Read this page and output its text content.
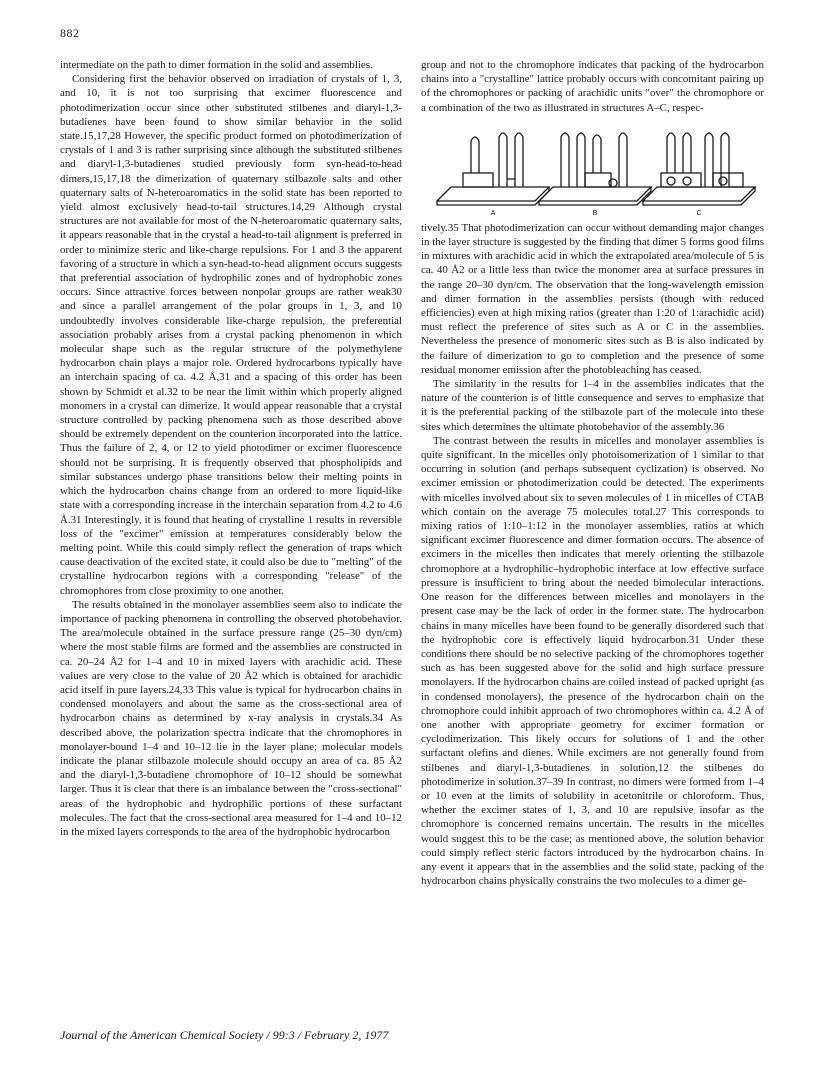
882

intermediate on the path to dimer formation in the solid and assemblies.

Considering first the behavior observed on irradiation of crystals of 1, 3, and 10, it is not too surprising that excimer fluorescence and photodimerization occur since other substituted stilbenes and diaryl-1,3-butadienes have been found to show similar behavior in the solid state.15,17,28 However, the specific product formed on photodimerization of crystals of 1 and 3 is rather surprising since although the substituted stilbenes and diaryl-1,3-butadienes studied previously form syn-head-to-head dimers,15,17,18 the dimerization of quaternary stilbazole salts and other quaternary salts of N-heteroaromatics in the solid state has been reported to yield almost exclusively head-to-tail structures.14,29 Although crystal structures are not available for most of the N-heteroaromatic quaternary salts, it appears reasonable that in the crystal a head-to-tail alignment is preferred in order to minimize steric and like-charge repulsions. For 1 and 3 the apparent favoring of a structure in which a syn-head-to-head alignment occurs suggests that preferential association of hydrophilic zones and of hydrophobic zones occurs. Since attractive forces between nonpolar groups are rather weak30 and since a parallel arrangement of the polar groups in 1, 3, and 10 undoubtedly involves considerable like-charge repulsion, the preferential association probably arises from a crystal packing phenomenon in which molecular shape such as the regular structure of the polymethylene hydrocarbon chain plays a major role. Ordered hydrocarbons typically have an interchain spacing of ca. 4.2 Å,31 and a spacing of this order has been shown by Schmidt et al.32 to be near the limit within which properly aligned monomers in a crystal can dimerize. It would appear reasonable that a crystal structure controlled by packing phenomena such as those described above should be extremely dependent on the counterion incorporated into the lattice. Thus the failure of 2, 4, or 12 to yield photodimer or excimer fluorescence should not be surprising. It is frequently observed that phospholipids and similar substances undergo phase transitions below their melting points in which the hydrocarbon chains change from an ordered to more liquid-like state with a corresponding increase in the interchain separation from 4.2 to 4.6 Å.31 Interestingly, it is found that heating of crystalline 1 results in reversible loss of the "excimer" emission at temperatures considerably below the melting point. While this could simply reflect the generation of traps which cause deactivation of the excited state, it could also be due to "melting" of the crystalline hydrocarbon regions with a corresponding "release" of the chromophores from close proximity to one another.

The results obtained in the monolayer assemblies seem also to indicate the importance of packing phenomena in controlling the observed photobehavior. The area/molecule obtained in the surface pressure range (25–30 dyn/cm) where the most stable films are formed and the assemblies are constructed in ca. 20–24 Å2 for 1–4 and 10 in mixed layers with arachidic acid. These values are very close to the value of 20 Å2 which is obtained for arachidic acid itself in pure layers.24,33 This value is typical for hydrocarbon chains in condensed monolayers and about the same as the cross-sectional area of hydrocarbon chains as determined by x-ray analysis in crystals.34 As described above, the polarization spectra indicate that the chromophores in monolayer-bound 1–4 and 10–12 lie in the layer plane; molecular models indicate the planar stilbazole molecule should occupy an area of ca. 85 Å2 and the diaryl-1,3-butadiene chromophore of 10–12 should be somewhat larger. Thus it is clear that there is an imbalance between the "cross-sectional" areas of the hydrophobic and hydrophilic portions of these surfactant molecules. The fact that the cross-sectional area measured for 1–4 and 10–12 in the mixed layers corresponds to the area of the hydrophobic hydrocarbon

group and not to the chromophore indicates that packing of the hydrocarbon chains into a "crystalline" lattice probably occurs with concomitant pairing up of the chromophores or packing of arachidic units "over" the chromophore or a combination of the two as illustrated in structures A–C, respec-

A	B	C

tively.35 That photodimerization can occur without demanding major changes in the layer structure is suggested by the finding that dimer 5 forms good films in mixtures with arachidic acid in which the extrapolated area/molecule of 5 is ca. 40 Å2 or a little less than twice the monomer area at surface pressures in the range 20–30 dyn/cm. The observation that the long-wavelength emission and dimer formation in the assemblies persists (though with reduced efficiencies) even at high mixing ratios (greater than 1:20 of 1:arachidic acid) must reflect the preference of sites such as A or C in the assemblies. Nevertheless the presence of monomeric sites such as B is also indicated by the failure of dimerization to go to completion and the presence of some residual monomer emission after the photobleaching has ceased.

The similarity in the results for 1–4 in the assemblies indicates that the nature of the counterion is of little consequence and serves to emphasize that it is the preferential packing of the stilbazole part of the molecule into these sites which determines the ultimate photobehavior of the assembly.36

The contrast between the results in micelles and monolayer assemblies is quite significant. In the micelles only photoisomerization of 1 similar to that occurring in solution (and perhaps subsequent cyclization) is observed. No excimer emission or photodimerization could be detected. The experiments with micelles involved about six to seven molecules of 1 in micelles of CTAB which contain on the average 75 molecules total.27 This corresponds to mixing ratios of 1:10–1:12 in the monolayer assemblies, ratios at which significant excimer fluorescence and dimer formation occurs. The absence of excimers in the micelles then indicates that merely orienting the stilbazole chromophore at a hydrophilic–hydrophobic interface at low effective surface pressure is insufficient to bring about the needed bimolecular interactions. One reason for the differences between micelles and monolayers in the present case may be the lack of order in the former state. The hydrocarbon chains in many micelles have been found to be generally disordered such that the hydrophobic core is effectively liquid hydrocarbon.31 Under these conditions there should be no selective packing of the chromophores together such as has been suggested above for the solid and high surface pressure monolayers. If the hydrocarbon chains are coiled instead of packed upright (as in condensed monolayers), the presence of the hydrocarbon chain on the chromophore could inhibit approach of two chromophores within ca. 4.2 Å of one another with appropriate geometry for excimer formation or cyclodimerization. This likely occurs for solutions of 1 and the other surfactant olefins and dienes. While excimers are not generally found from stilbenes and diaryl-1,3-butadienes in solution,12 the stilbenes do photodimerize in solution.37–39 In contrast, no dimers were formed from 1–4 or 10 even at the limits of solubility in acetonitrile or chloroform. Thus, whether the excimer states of 1, 3, and 10 are repulsive insofar as the chromophore is concerned remains uncertain. The results in the micelles would suggest this to be the case; as mentioned above, the solution behavior could simply reflect steric factors introduced by the hydrocarbon chains. In any event it appears that in the assemblies and the solid state, packing of the hydrocarbon chains physically constrains the two molecules to a dimer ge-

Journal of the American Chemical Society / 99:3 / February 2, 1977
